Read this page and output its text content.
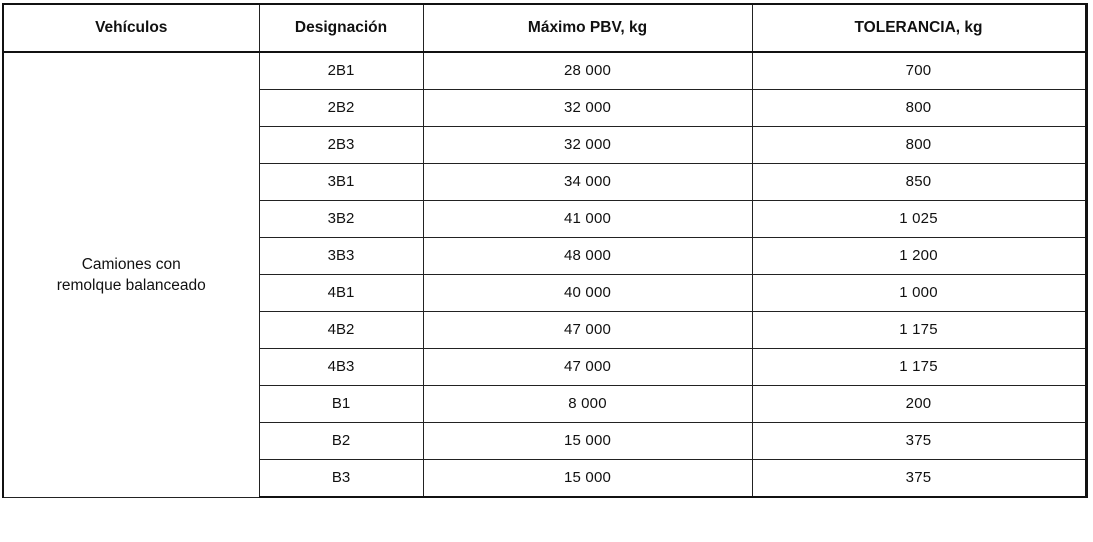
Vehículos	Designación	Máximo PBV, kg	TOLERANCIA, kg

Camiones con
remolque balanceado	2B1	28 000	700
	2B2	32 000	800
	2B3	32 000	800
	3B1	34 000	850
	3B2	41 000	1 025
	3B3	48 000	1 200
	4B1	40 000	1 000
	4B2	47 000	1 175
	4B3	47 000	1 175
	B1	8 000	200
	B2	15 000	375
	B3	15 000	375
